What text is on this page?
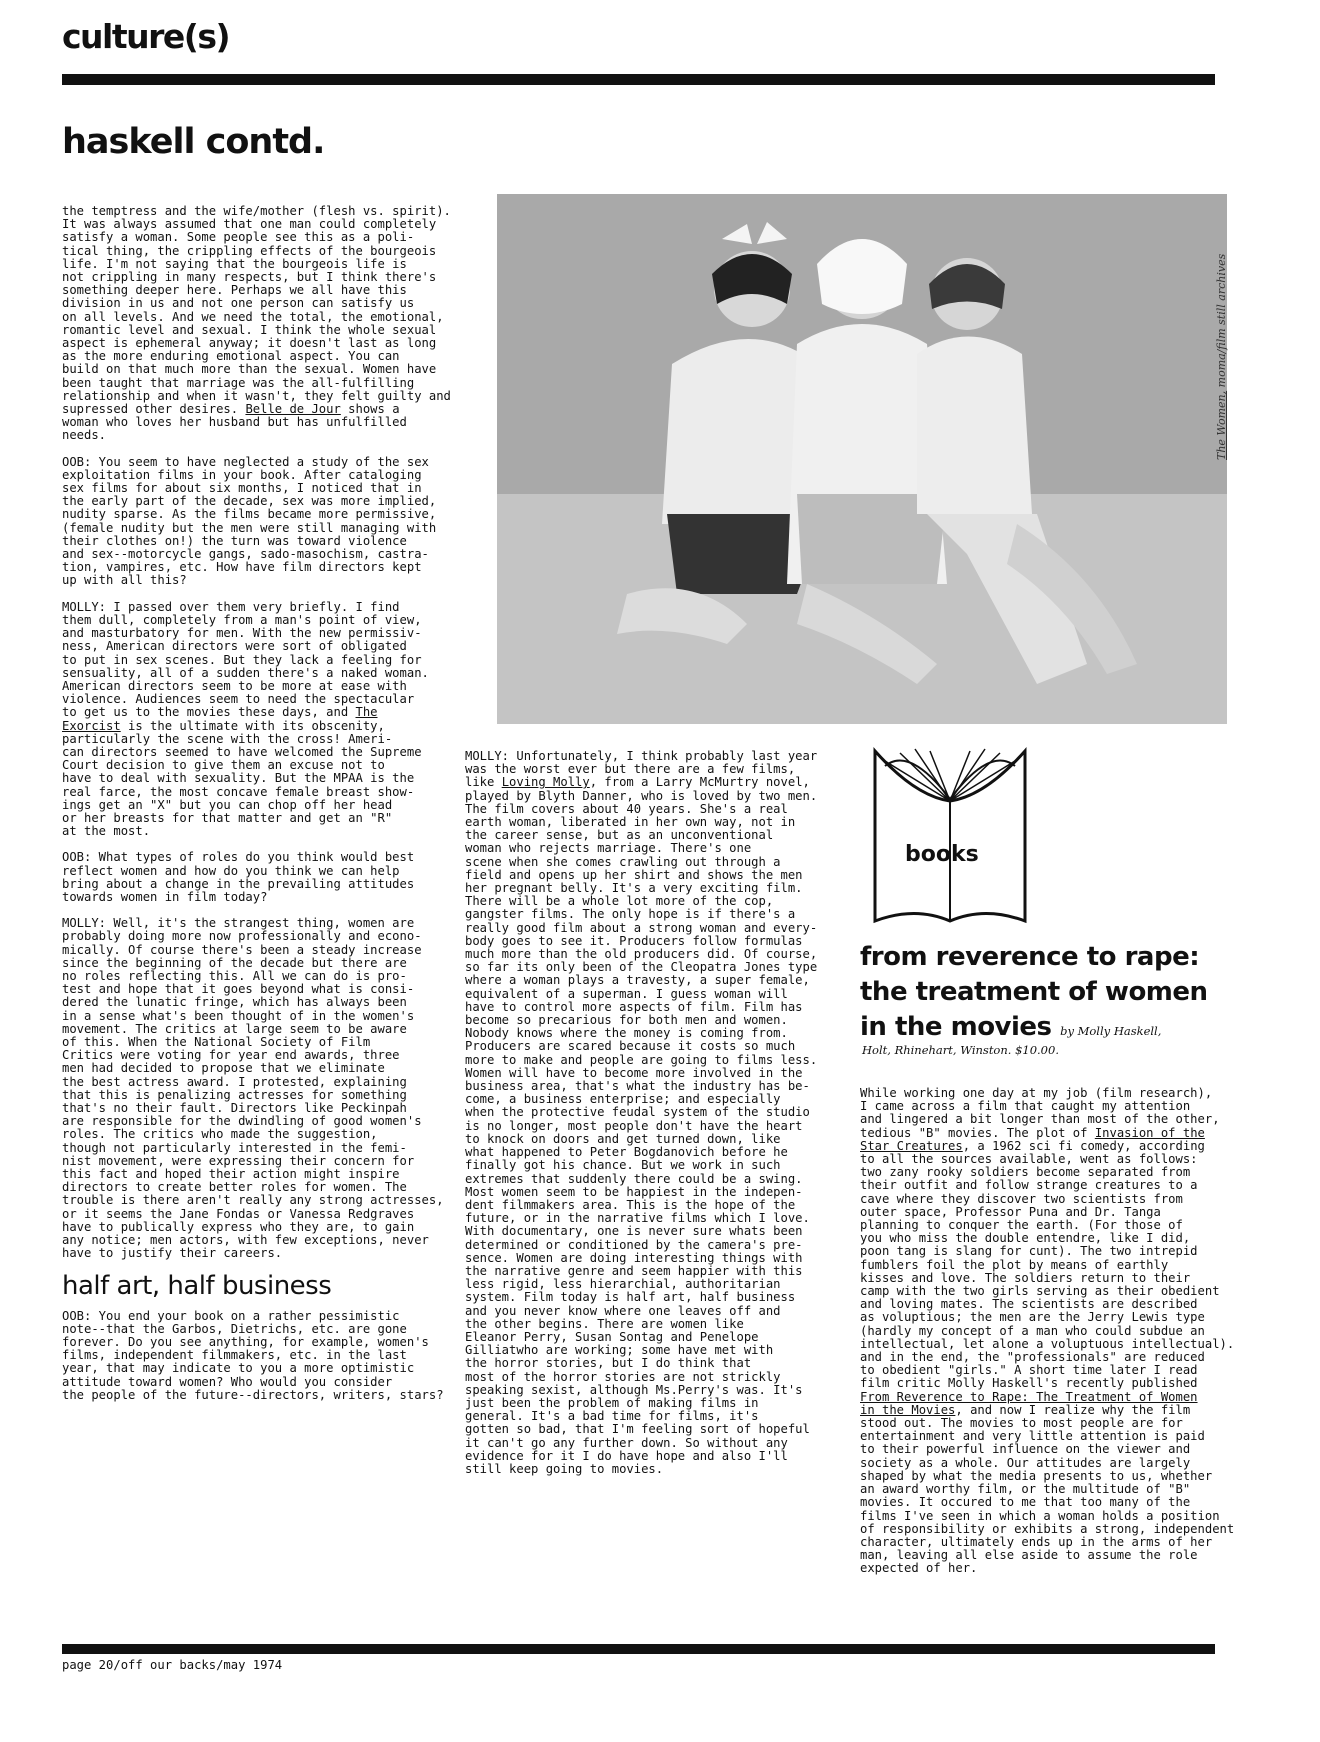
culture(s)
haskell contd.

the temptress and the wife/mother (flesh vs. spirit).
It was always assumed that one man could completely
satisfy a woman. Some people see this as a poli-
tical thing, the crippling effects of the bourgeois
life. I'm not saying that the bourgeois life is
not crippling in many respects, but I think there's
something deeper here. Perhaps we all have this
division in us and not one person can satisfy us
on all levels. And we need the total, the emotional,
romantic level and sexual. I think the whole sexual
aspect is ephemeral anyway; it doesn't last as long
as the more enduring emotional aspect. You can
build on that much more than the sexual. Women have
been taught that marriage was the all-fulfilling
relationship and when it wasn't, they felt guilty and
supressed other desires. Belle de Jour shows a
woman who loves her husband but has unfulfilled
needs.

OOB: You seem to have neglected a study of the sex
exploitation films in your book. After cataloging
sex films for about six months, I noticed that in
the early part of the decade, sex was more implied,
nudity sparse. As the films became more permissive,
(female nudity but the men were still managing with
their clothes on!) the turn was toward violence
and sex--motorcycle gangs, sado-masochism, castra-
tion, vampires, etc. How have film directors kept
up with all this?

MOLLY: I passed over them very briefly. I find
them dull, completely from a man's point of view,
and masturbatory for men. With the new permissiv-
ness, American directors were sort of obligated
to put in sex scenes. But they lack a feeling for
sensuality, all of a sudden there's a naked woman.
American directors seem to be more at ease with
violence. Audiences seem to need the spectacular
to get us to the movies these days, and The
Exorcist is the ultimate with its obscenity,
particularly the scene with the cross! Ameri-
can directors seemed to have welcomed the Supreme
Court decision to give them an excuse not to
have to deal with sexuality. But the MPAA is the
real farce, the most concave female breast show-
ings get an "X" but you can chop off her head
or her breasts for that matter and get an "R"
at the most.

OOB: What types of roles do you think would best
reflect women and how do you think we can help
bring about a change in the prevailing attitudes
towards women in film today?

MOLLY: Well, it's the strangest thing, women are
probably doing more now professionally and econo-
mically. Of course there's been a steady increase
since the beginning of the decade but there are
no roles reflecting this. All we can do is pro-
test and hope that it goes beyond what is consi-
dered the lunatic fringe, which has always been
in a sense what's been thought of in the women's
movement. The critics at large seem to be aware
of this. When the National Society of Film
Critics were voting for year end awards, three
men had decided to propose that we eliminate
the best actress award. I protested, explaining
that this is penalizing actresses for something
that's no their fault. Directors like Peckinpah
are responsible for the dwindling of good women's
roles. The critics who made the suggestion,
though not particularly interested in the femi-
nist movement, were expressing their concern for
this fact and hoped their action might inspire
directors to create better roles for women. The
trouble is there aren't really any strong actresses,
or it seems the Jane Fondas or Vanessa Redgraves
have to publically express who they are, to gain
any notice; men actors, with few exceptions, never
have to justify their careers.

half art, half business

OOB: You end your book on a rather pessimistic
note--that the Garbos, Dietrichs, etc. are gone
forever. Do you see anything, for example, women's
films, independent filmmakers, etc. in the last
year, that may indicate to you a more optimistic
attitude toward women? Who would you consider
the people of the future--directors, writers, stars?

The Women, moma/film still archives

MOLLY: Unfortunately, I think probably last year
was the worst ever but there are a few films,
like Loving Molly, from a Larry McMurtry novel,
played by Blyth Danner, who is loved by two men.
The film covers about 40 years. She's a real
earth woman, liberated in her own way, not in
the career sense, but as an unconventional
woman who rejects marriage. There's one
scene when she comes crawling out through a
field and opens up her shirt and shows the men
her pregnant belly. It's a very exciting film.
There will be a whole lot more of the cop,
gangster films. The only hope is if there's a
really good film about a strong woman and every-
body goes to see it. Producers follow formulas
much more than the old producers did. Of course,
so far its only been of the Cleopatra Jones type
where a woman plays a travesty, a super female,
equivalent of a superman. I guess woman will
have to control more aspects of film. Film has
become so precarious for both men and women.
Nobody knows where the money is coming from.
Producers are scared because it costs so much
more to make and people are going to films less.
Women will have to become more involved in the
business area, that's what the industry has be-
come, a business enterprise; and especially
when the protective feudal system of the studio
is no longer, most people don't have the heart
to knock on doors and get turned down, like
what happened to Peter Bogdanovich before he
finally got his chance. But we work in such
extremes that suddenly there could be a swing.
Most women seem to be happiest in the indepen-
dent filmmakers area. This is the hope of the
future, or in the narrative films which I love.
With documentary, one is never sure whats been
determined or conditioned by the camera's pre-
sence. Women are doing interesting things with
the narrative genre and seem happier with this
less rigid, less hierarchial, authoritarian
system. Film today is half art, half business
and you never know where one leaves off and
the other begins. There are women like
Eleanor Perry, Susan Sontag and Penelope
Gilliatwho are working; some have met with
the horror stories, but I do think that
most of the horror stories are not strickly
speaking sexist, although Ms.Perry's was. It's
just been the problem of making films in
general. It's a bad time for films, it's
gotten so bad, that I'm feeling sort of hopeful
it can't go any further down. So without any
evidence for it I do have hope and also I'll
still keep going to movies.

books
from reverence to rape:
the treatment of women
in the movies by Molly Haskell,
Holt, Rhinehart, Winston. $10.00.

While working one day at my job (film research),
I came across a film that caught my attention
and lingered a bit longer than most of the other,
tedious "B" movies. The plot of Invasion of the
Star Creatures, a 1962 sci fi comedy, according
to all the sources available, went as follows:
two zany rooky soldiers become separated from
their outfit and follow strange creatures to a
cave where they discover two scientists from
outer space, Professor Puna and Dr. Tanga
planning to conquer the earth. (For those of
you who miss the double entendre, like I did,
poon tang is slang for cunt). The two intrepid
fumblers foil the plot by means of earthly
kisses and love. The soldiers return to their
camp with the two girls serving as their obedient
and loving mates. The scientists are described
as voluptious; the men are the Jerry Lewis type
(hardly my concept of a man who could subdue an
intellectual, let alone a voluptuous intellectual).
and in the end, the "professionals" are reduced
to obedient "girls." A short time later I read
film critic Molly Haskell's recently published
From Reverence to Rape: The Treatment of Women
in the Movies, and now I realize why the film
stood out. The movies to most people are for
entertainment and very little attention is paid
to their powerful influence on the viewer and
society as a whole. Our attitudes are largely
shaped by what the media presents to us, whether
an award worthy film, or the multitude of "B"
movies. It occured to me that too many of the
films I've seen in which a woman holds a position
of responsibility or exhibits a strong, independent
character, ultimately ends up in the arms of her
man, leaving all else aside to assume the role
expected of her.

page 20/off our backs/may 1974
